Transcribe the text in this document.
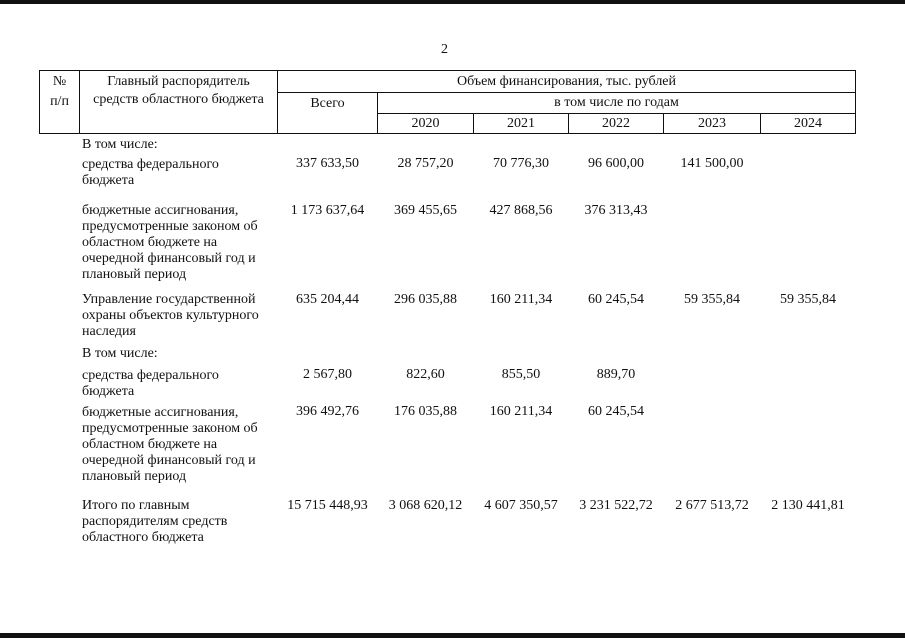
2
№
п/п
Главный распорядитель
средств областного бюджета
Объем финансирования, тыс. рублей
Всего	в том числе по годам
2020	2021	2022	2023	2024
В том числе:
средства федерального бюджета
337 633,50	28 757,20	70 776,30	96 600,00	141 500,00
бюджетные ассигнования, предусмотренные законом об областном бюджете на очередной финансовый год и плановый период
1 173 637,64	369 455,65	427 868,56	376 313,43
Управление государственной охраны объектов культурного наследия
635 204,44	296 035,88	160 211,34	60 245,54	59 355,84	59 355,84
В том числе:
средства федерального бюджета
2 567,80	822,60	855,50	889,70
бюджетные ассигнования, предусмотренные законом об областном бюджете на очередной финансовый год и плановый период
396 492,76	176 035,88	160 211,34	60 245,54
Итого по главным распорядителям средств областного бюджета
15 715 448,93	3 068 620,12	4 607 350,57	3 231 522,72	2 677 513,72	2 130 441,81
